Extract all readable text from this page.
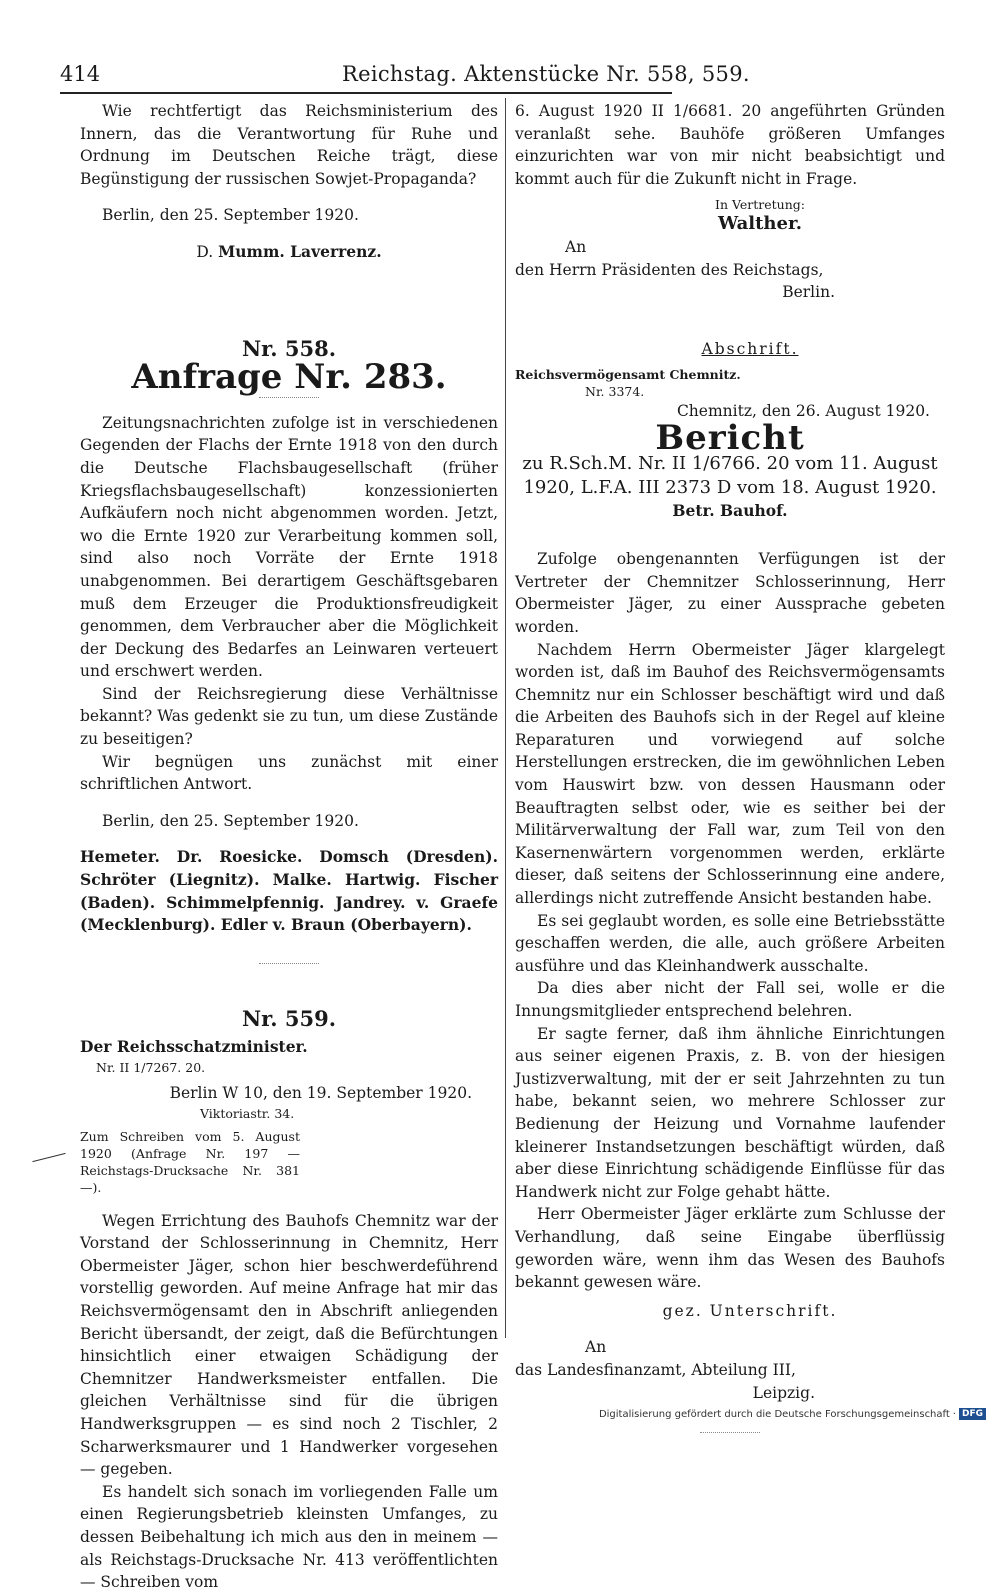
414	Reichstag. Aktenstücke Nr. 558, 559.

Wie rechtfertigt das Reichsministerium des Innern, das die Verantwortung für Ruhe und Ordnung im Deutschen Reiche trägt, diese Begünstigung der russischen Sowjet-Propaganda?

Berlin, den 25. September 1920.

D. Mumm. Laverrenz.

Nr. 558.

Anfrage Nr. 283.

Zeitungsnachrichten zufolge ist in verschiedenen Gegenden der Flachs der Ernte 1918 von den durch die Deutsche Flachsbaugesellschaft (früher Kriegsflachsbaugesellschaft) konzessionierten Aufkäufern noch nicht abgenommen worden. Jetzt, wo die Ernte 1920 zur Verarbeitung kommen soll, sind also noch Vorräte der Ernte 1918 unabgenommen. Bei derartigem Geschäftsgebaren muß dem Erzeuger die Produktionsfreudigkeit genommen, dem Verbraucher aber die Möglichkeit der Deckung des Bedarfes an Leinwaren verteuert und erschwert werden.

Sind der Reichsregierung diese Verhältnisse bekannt? Was gedenkt sie zu tun, um diese Zustände zu beseitigen?

Wir begnügen uns zunächst mit einer schriftlichen Antwort.

Berlin, den 25. September 1920.

Hemeter. Dr. Roesicke. Domsch (Dresden). Schröter (Liegnitz). Malke. Hartwig. Fischer (Baden). Schimmelpfennig. Jandrey. v. Graefe (Mecklenburg). Edler v. Braun (Oberbayern).

Nr. 559.

Der Reichsschatzminister.

Nr. II 1/7267. 20.

Berlin W 10, den 19. September 1920.

Viktoriastr. 34.

Zum Schreiben vom 5. August 1920 (Anfrage Nr. 197 — Reichstags-Drucksache Nr. 381 —).

Wegen Errichtung des Bauhofs Chemnitz war der Vorstand der Schlosserinnung in Chemnitz, Herr Obermeister Jäger, schon hier beschwerdeführend vorstellig geworden. Auf meine Anfrage hat mir das Reichsvermögensamt den in Abschrift anliegenden Bericht übersandt, der zeigt, daß die Befürchtungen hinsichtlich einer etwaigen Schädigung der Chemnitzer Handwerksmeister entfallen. Die gleichen Verhältnisse sind für die übrigen Handwerksgruppen — es sind noch 2 Tischler, 2 Scharwerksmaurer und 1 Handwerker vorgesehen — gegeben.

Es handelt sich sonach im vorliegenden Falle um einen Regierungsbetrieb kleinsten Umfanges, zu dessen Beibehaltung ich mich aus den in meinem — als Reichstags-Drucksache Nr. 413 veröffentlichten — Schreiben vom

6. August 1920 II 1/6681. 20 angeführten Gründen veranlaßt sehe. Bauhöfe größeren Umfanges einzurichten war von mir nicht beabsichtigt und kommt auch für die Zukunft nicht in Frage.

In Vertretung:

Walther.

An

den Herrn Präsidenten des Reichstags,

Berlin.

Abschrift.

Reichsvermögensamt Chemnitz.

Nr. 3374.

Chemnitz, den 26. August 1920.

Bericht

zu R.Sch.M. Nr. II 1/6766. 20 vom 11. August 1920, L.F.A. III 2373 D vom 18. August 1920.

Betr. Bauhof.

Zufolge obengenannten Verfügungen ist der Vertreter der Chemnitzer Schlosserinnung, Herr Obermeister Jäger, zu einer Aussprache gebeten worden.

Nachdem Herrn Obermeister Jäger klargelegt worden ist, daß im Bauhof des Reichsvermögensamts Chemnitz nur ein Schlosser beschäftigt wird und daß die Arbeiten des Bauhofs sich in der Regel auf kleine Reparaturen und vorwiegend auf solche Herstellungen erstrecken, die im gewöhnlichen Leben vom Hauswirt bzw. von dessen Hausmann oder Beauftragten selbst oder, wie es seither bei der Militärverwaltung der Fall war, zum Teil von den Kasernenwärtern vorgenommen werden, erklärte dieser, daß seitens der Schlosserinnung eine andere, allerdings nicht zutreffende Ansicht bestanden habe.

Es sei geglaubt worden, es solle eine Betriebsstätte geschaffen werden, die alle, auch größere Arbeiten ausführe und das Kleinhandwerk ausschalte.

Da dies aber nicht der Fall sei, wolle er die Innungsmitglieder entsprechend belehren.

Er sagte ferner, daß ihm ähnliche Einrichtungen aus seiner eigenen Praxis, z. B. von der hiesigen Justizverwaltung, mit der er seit Jahrzehnten zu tun habe, bekannt seien, wo mehrere Schlosser zur Bedienung der Heizung und Vornahme laufender kleinerer Instandsetzungen beschäftigt würden, daß aber diese Einrichtung schädigende Einflüsse für das Handwerk nicht zur Folge gehabt hätte.

Herr Obermeister Jäger erklärte zum Schlusse der Verhandlung, daß seine Eingabe überflüssig geworden wäre, wenn ihm das Wesen des Bauhofs bekannt gewesen wäre.

gez. Unterschrift.

An

das Landesfinanzamt, Abteilung III,

Leipzig.

Digitalisierung gefördert durch die Deutsche Forschungsgemeinschaft · DFG
